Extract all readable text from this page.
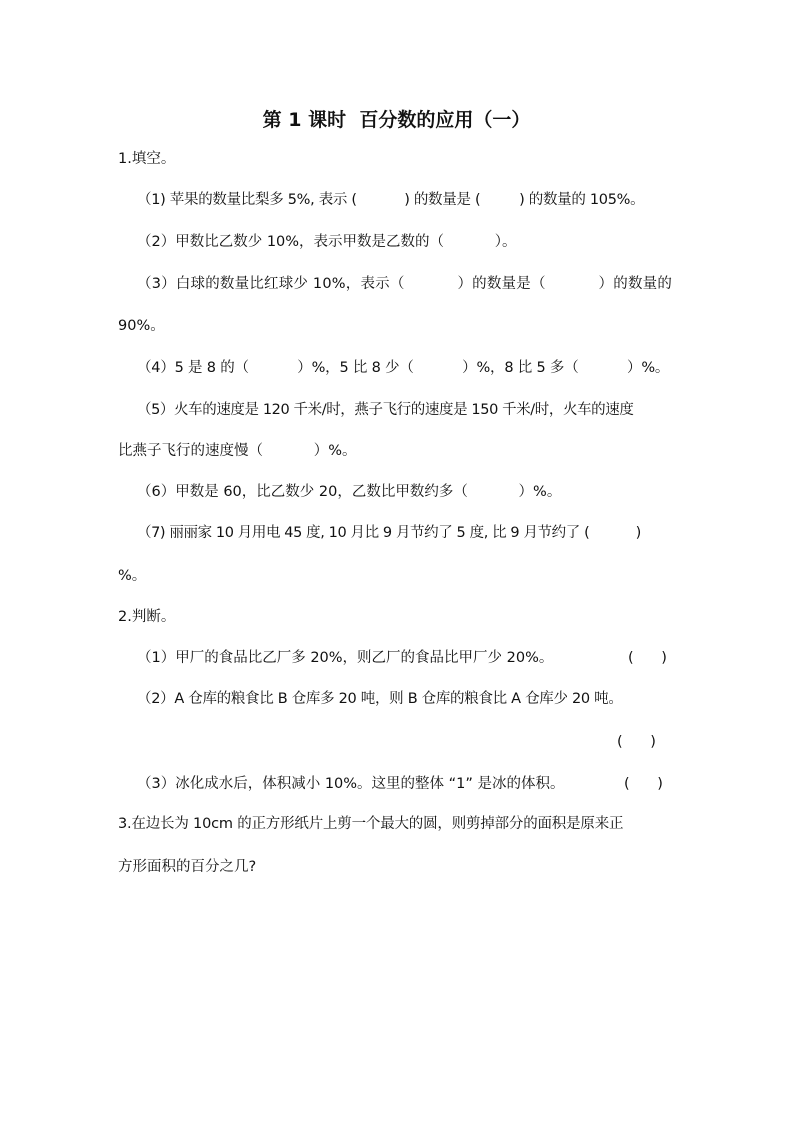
第 1 课时  百分数的应用（一）
1.填空。
（1) 苹果的数量比梨多 5%, 表示 (           ) 的数量是 (         ) 的数量的 105%。
（2）甲数比乙数少 10%，表示甲数是乙数的（           ）。
（3）白球的数量比红球少 10%，表示（           ）的数量是（           ）的数量的
90%。
（4）5 是 8 的（           ）%，5 比 8 少（           ）%，8 比 5 多（           ）%。
（5）火车的速度是 120 千米/时，燕子飞行的速度是 150 千米/时，火车的速度
比燕子飞行的速度慢（           ）%。
（6）甲数是 60，比乙数少 20，乙数比甲数约多（           ）%。
（7) 丽丽家 10 月用电 45 度, 10 月比 9 月节约了 5 度, 比 9 月节约了 (           )
%。
2.判断。
（1）甲厂的食品比乙厂多 20%，则乙厂的食品比甲厂少 20%。	(      )
（2）A 仓库的粮食比 B 仓库多 20 吨，则 B 仓库的粮食比 A 仓库少 20 吨。
(      )
（3）冰化成水后，体积减小 10%。这里的整体 “1” 是冰的体积。	(      )
3.在边长为 10cm 的正方形纸片上剪一个最大的圆，则剪掉部分的面积是原来正
方形面积的百分之几?
